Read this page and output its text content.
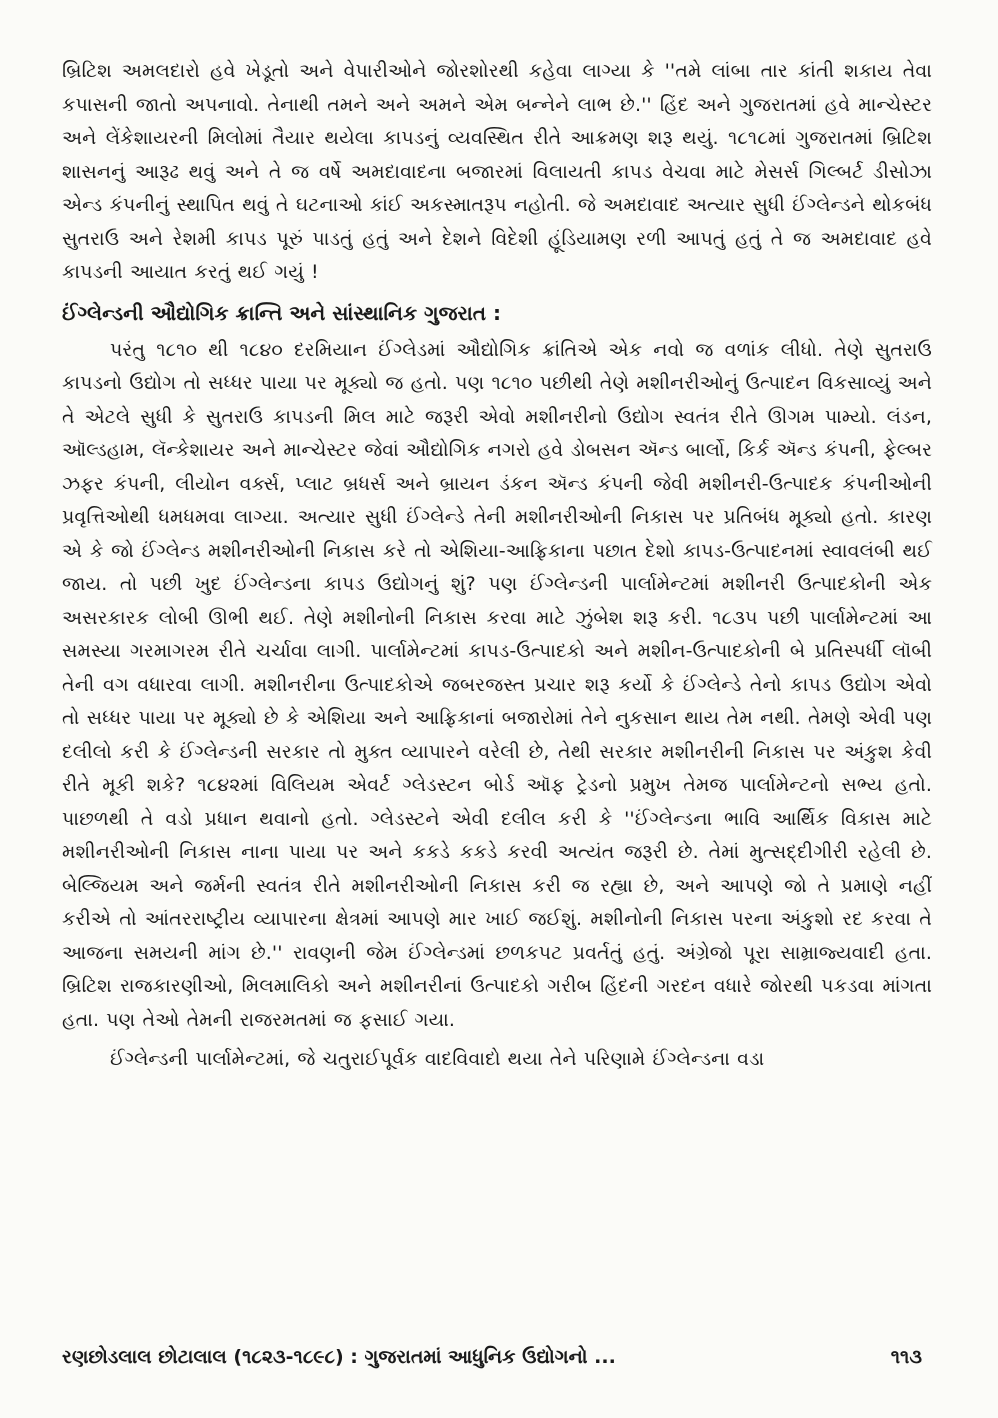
બ્રિટિશ અમલદારો હવે ખેડૂતો અને વેપારીઓને જોરશોરથી કહેવા લાગ્યા કે ''તમે લાંબા તાર કાંતી શકાય તેવા કપાસની જાતો અપનાવો. તેનાથી તમને અને અમને એમ બન્નેને લાભ છે.'' હિંદ અને ગુજરાતમાં હવે માન્ચેસ્ટર અને લેંકેશાયરની મિલોમાં તૈયાર થયેલા કાપડનું વ્યવસ્થિત રીતે આક્રમણ શરૂ થયું. ૧૮૧૮માં ગુજરાતમાં બ્રિટિશ શાસનનું આરૂઢ થવું અને તે જ વર્ષે અમદાવાદના બજારમાં વિલાયતી કાપડ વેચવા માટે મેસર્સ ગિલ્બર્ટ ડીસોઝા એન્ડ કંપનીનું સ્થાપિત થવું તે ઘટનાઓ કાંઈ અકસ્માતરૂપ નહોતી. જે અમદાવાદ અત્યાર સુધી ઈંગ્લેન્ડને થોકબંધ સુતરાઉ અને રેશમી કાપડ પૂરું પાડતું હતું અને દેશને વિદેશી હૂંડિયામણ રળી આપતું હતું તે જ અમદાવાદ હવે કાપડની આયાત કરતું થઈ ગયું !

ઈંગ્લેન્ડની ઔદ્યોગિક ક્રાન્તિ અને સાંસ્થાનિક ગુજરાત :

પરંતુ ૧૮૧૦ થી ૧૮૪૦ દરમિયાન ઈંગ્લેડમાં ઔદ્યોગિક ક્રાંતિએ એક નવો જ વળાંક લીધો. તેણે સુતરાઉ કાપડનો ઉદ્યોગ તો સધ્ધર પાયા પર મૂક્યો જ હતો. પણ ૧૮૧૦ પછીથી તેણે મશીનરીઓનું ઉત્પાદન વિકસાવ્યું અને તે એટલે સુધી કે સુતરાઉ કાપડની મિલ માટે જરૂરી એવો મશીનરીનો ઉદ્યોગ સ્વતંત્ર રીતે ઊગમ પામ્યો. લંડન, ઑલ્ડહામ, લૅન્કેશાયર અને માન્ચેસ્ટર જેવાં ઔદ્યોગિક નગરો હવે ડોબસન ઍન્ડ બાર્લો, કિર્ક ઍન્ડ કંપની, ફેલ્બર ઝફર કંપની, લીયોન વર્ક્સ, પ્લાટ બ્રધર્સ અને બ્રાયન ડંકન ઍન્ડ કંપની જેવી મશીનરી-ઉત્પાદક કંપનીઓની પ્રવૃત્તિઓથી ધમધમવા લાગ્યા. અત્યાર સુધી ઈંગ્લેન્ડે તેની મશીનરીઓની નિકાસ પર પ્રતિબંધ મૂક્યો હતો. કારણ એ કે જો ઈંગ્લેન્ડ મશીનરીઓની નિકાસ કરે તો એશિયા-આફ્રિકાના પછાત દેશો કાપડ-ઉત્પાદનમાં સ્વાવલંબી થઈ જાય. તો પછી ખુદ ઈંગ્લેન્ડના કાપડ ઉદ્યોગનું શું? પણ ઈંગ્લેન્ડની પાર્લામેન્ટમાં મશીનરી ઉત્પાદકોની એક અસરકારક લોબી ઊભી થઈ. તેણે મશીનોની નિકાસ કરવા માટે ઝુંબેશ શરૂ કરી. ૧૮૩૫ પછી પાર્લામેન્ટમાં આ સમસ્યા ગરમાગરમ રીતે ચર્ચાવા લાગી. પાર્લામેન્ટમાં કાપડ-ઉત્પાદકો અને મશીન-ઉત્પાદકોની બે પ્રતિસ્પર્ધી લૉબી તેની વગ વધારવા લાગી. મશીનરીના ઉત્પાદકોએ જબરજસ્ત પ્રચાર શરૂ કર્યો કે ઈંગ્લેન્ડે તેનો કાપડ ઉદ્યોગ એવો તો સધ્ધર પાયા પર મૂક્યો છે કે એશિયા અને આફ્રિકાનાં બજારોમાં તેને નુકસાન થાય તેમ નથી. તેમણે એવી પણ દલીલો કરી કે ઈંગ્લેન્ડની સરકાર તો મુક્ત વ્યાપારને વરેલી છે, તેથી સરકાર મશીનરીની નિકાસ પર અંકુશ કેવી રીતે મૂકી શકે? ૧૮૪૨માં વિલિયમ એવર્ટ ગ્લેડસ્ટન બોર્ડ ઑફ ટ્રેડનો પ્રમુખ તેમજ પાર્લામેન્ટનો સભ્ય હતો. પાછળથી તે વડો પ્રધાન થવાનો હતો. ગ્લેડસ્ટને એવી દલીલ કરી કે ''ઈંગ્લેન્ડના ભાવિ આર્થિક વિકાસ માટે મશીનરીઓની નિકાસ નાના પાયા પર અને કકડે કકડે કરવી અત્યંત જરૂરી છે. તેમાં મુત્સદ્દીગીરી રહેલી છે. બેલ્જિયમ અને જર્મની સ્વતંત્ર રીતે મશીનરીઓની નિકાસ કરી જ રહ્યા છે, અને આપણે જો તે પ્રમાણે નહીં કરીએ તો આંતરરાષ્ટ્રીય વ્યાપારના ક્ષેત્રમાં આપણે માર ખાઈ જઈશું. મશીનોની નિકાસ પરના અંકુશો રદ કરવા તે આજના સમયની માંગ છે.'' રાવણની જેમ ઈંગ્લેન્ડમાં છળકપટ પ્રવર્તતું હતું. અંગ્રેજો પૂરા સામ્રાજ્યવાદી હતા. બ્રિટિશ રાજકારણીઓ, મિલમાલિકો અને મશીનરીનાં ઉત્પાદકો ગરીબ હિંદની ગરદન વધારે જોરથી પકડવા માંગતા હતા. પણ તેઓ તેમની રાજરમતમાં જ ફસાઈ ગયા.

ઈંગ્લેન્ડની પાર્લામેન્ટમાં, જે ચતુરાઈપૂર્વક વાદવિવાદો થયા તેને પરિણામે ઈંગ્લેન્ડના વડા

રણછોડલાલ છોટાલાલ (૧૮૨૩-૧૮૯૮) : ગુજરાતમાં આધુનિક ઉદ્યોગનો ...	૧૧૩
